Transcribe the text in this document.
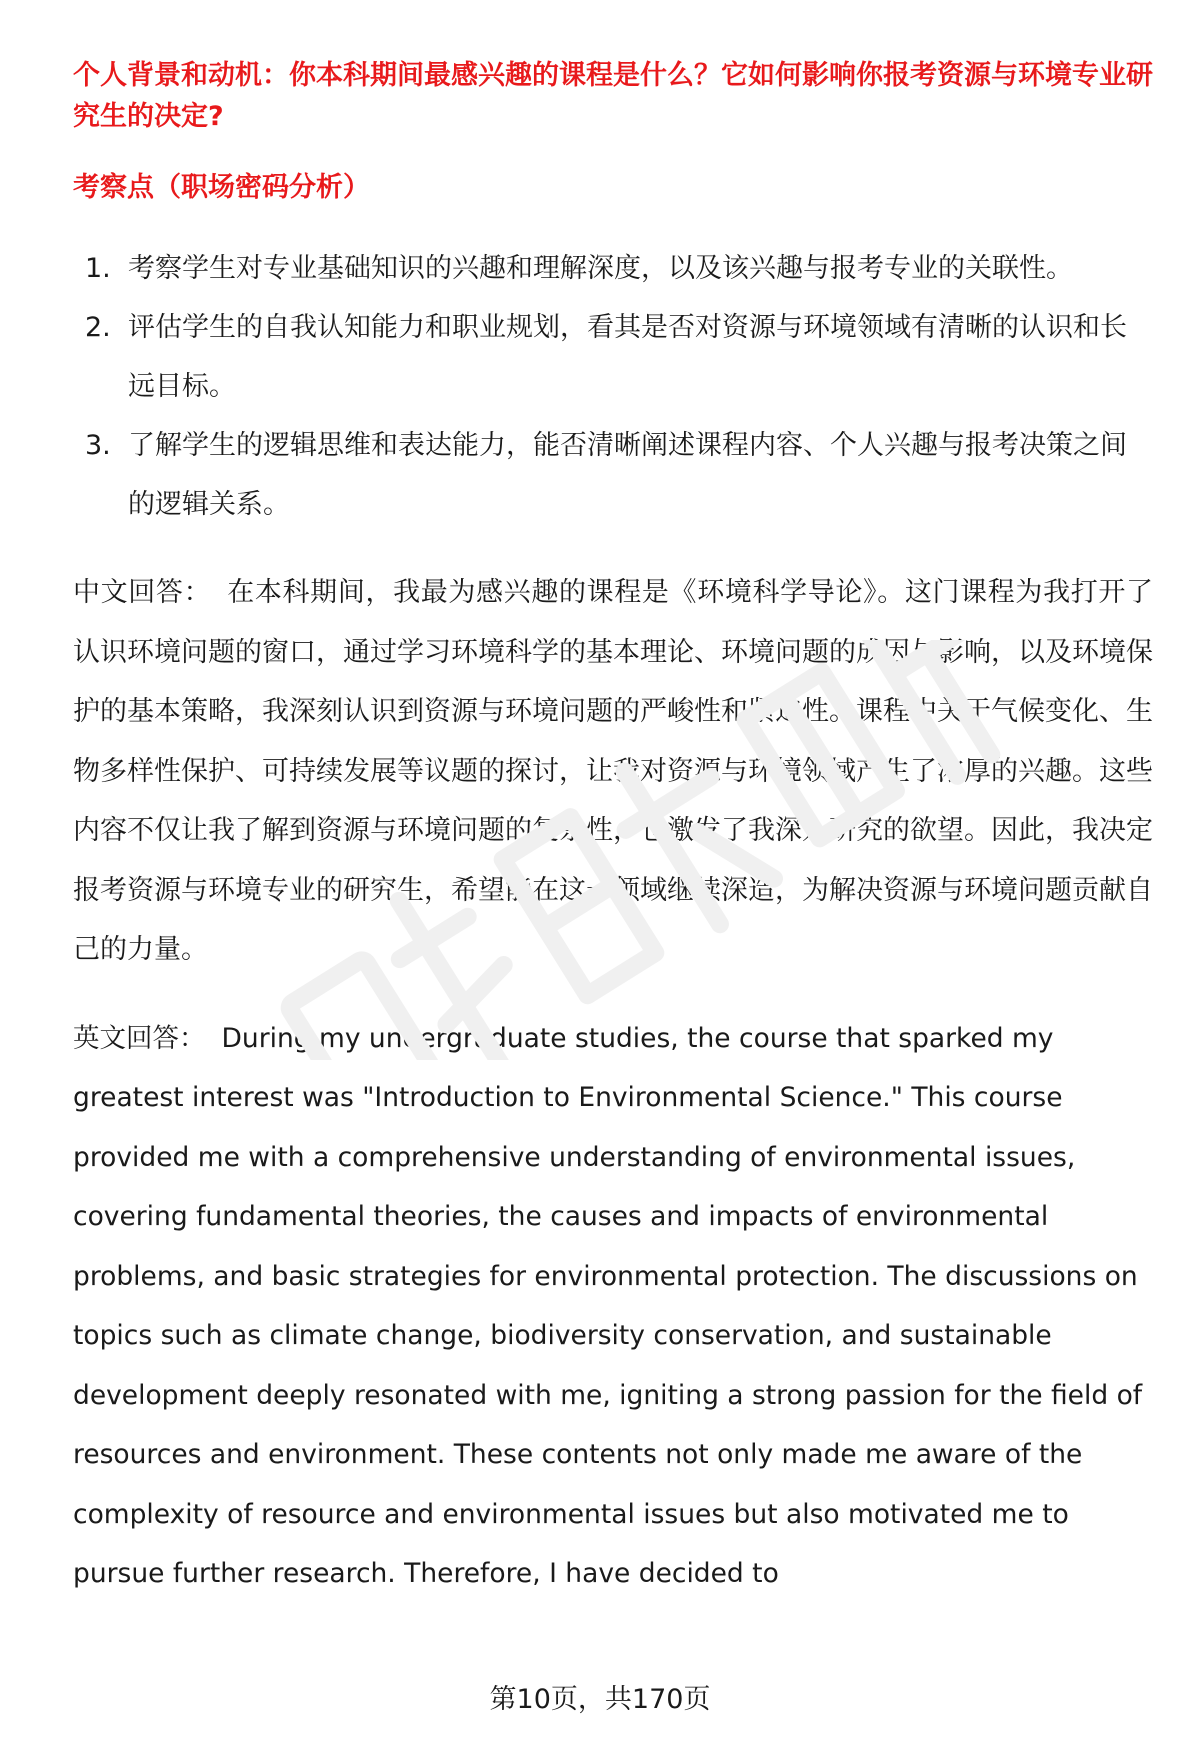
个人背景和动机：你本科期间最感兴趣的课程是什么？它如何影响你报考资源与环境专业研究生的决定?

考察点（职场密码分析）

1. 考察学生对专业基础知识的兴趣和理解深度，以及该兴趣与报考专业的关联性。
2. 评估学生的自我认知能力和职业规划，看其是否对资源与环境领域有清晰的认识和长远目标。
3. 了解学生的逻辑思维和表达能力，能否清晰阐述课程内容、个人兴趣与报考决策之间的逻辑关系。

中文回答： 在本科期间，我最为感兴趣的课程是《环境科学导论》。这门课程为我打开了认识环境问题的窗口，通过学习环境科学的基本理论、环境问题的成因与影响，以及环境保护的基本策略，我深刻认识到资源与环境问题的严峻性和紧迫性。课程中关于气候变化、生物多样性保护、可持续发展等议题的探讨，让我对资源与环境领域产生了浓厚的兴趣。这些内容不仅让我了解到资源与环境问题的复杂性，也激发了我深入研究的欲望。因此，我决定报考资源与环境专业的研究生，希望能在这一领域继续深造，为解决资源与环境问题贡献自己的力量。

英文回答： During my undergraduate studies, the course that sparked my greatest interest was "Introduction to Environmental Science." This course provided me with a comprehensive understanding of environmental issues, covering fundamental theories, the causes and impacts of environmental problems, and basic strategies for environmental protection. The discussions on topics such as climate change, biodiversity conservation, and sustainable development deeply resonated with me, igniting a strong passion for the field of resources and environment. These contents not only made me aware of the complexity of resource and environmental issues but also motivated me to pursue further research. Therefore, I have decided to

第10页，共170页
